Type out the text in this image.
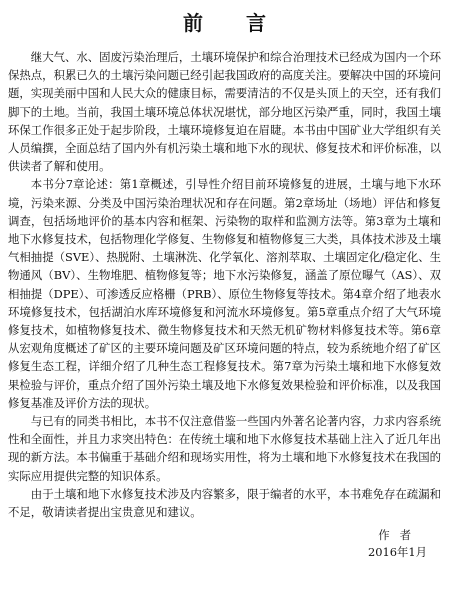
前 言

继大气、水、固废污染治理后，土壤环境保护和综合治理技术已经成为国内一个环保热点，积累已久的土壤污染问题已经引起我国政府的高度关注。要解决中国的环境问题，实现美丽中国和人民大众的健康目标，需要清洁的不仅是头顶上的天空，还有我们脚下的土地。当前，我国土壤环境总体状况堪忧，部分地区污染严重，同时，我国土壤环保工作很多正处于起步阶段，土壤环境修复迫在眉睫。本书由中国矿业大学组织有关人员编撰，全面总结了国内外有机污染土壤和地下水的现状、修复技术和评价标准，以供读者了解和使用。

本书分7章论述：第1章概述，引导性介绍目前环境修复的进展，土壤与地下水环境，污染来源、分类及中国污染治理状况和存在问题。第2章场址（场地）评估和修复调查，包括场地评价的基本内容和框架、污染物的取样和监测方法等。第3章为土壤和地下水修复技术，包括物理化学修复、生物修复和植物修复三大类，具体技术涉及土壤气相抽提（SVE）、热脱附、土壤淋洗、化学氧化、溶剂萃取、土壤固定化/稳定化、生物通风（BV）、生物堆肥、植物修复等；地下水污染修复，涵盖了原位曝气（AS）、双相抽提（DPE）、可渗透反应格栅（PRB）、原位生物修复等技术。第4章介绍了地表水环境修复技术，包括湖泊水库环境修复和河流水环境修复。第5章重点介绍了大气环境修复技术，如植物修复技术、微生物修复技术和天然无机矿物材料修复技术等。第6章从宏观角度概述了矿区的主要环境问题及矿区环境问题的特点，较为系统地介绍了矿区修复生态工程，详细介绍了几种生态工程修复技术。第7章为污染土壤和地下水修复效果检验与评价，重点介绍了国外污染土壤及地下水修复效果检验和评价标准，以及我国修复基准及评价方法的现状。

与已有的同类书相比，本书不仅注意借鉴一些国内外著名论著内容，力求内容系统性和全面性，并且力求突出特色：在传统土壤和地下水修复技术基础上注入了近几年出现的新方法。本书偏重于基础介绍和现场实用性，将为土壤和地下水修复技术在我国的实际应用提供完整的知识体系。

由于土壤和地下水修复技术涉及内容繁多，限于编者的水平，本书难免存在疏漏和不足，敬请读者提出宝贵意见和建议。

作者
2016年1月
